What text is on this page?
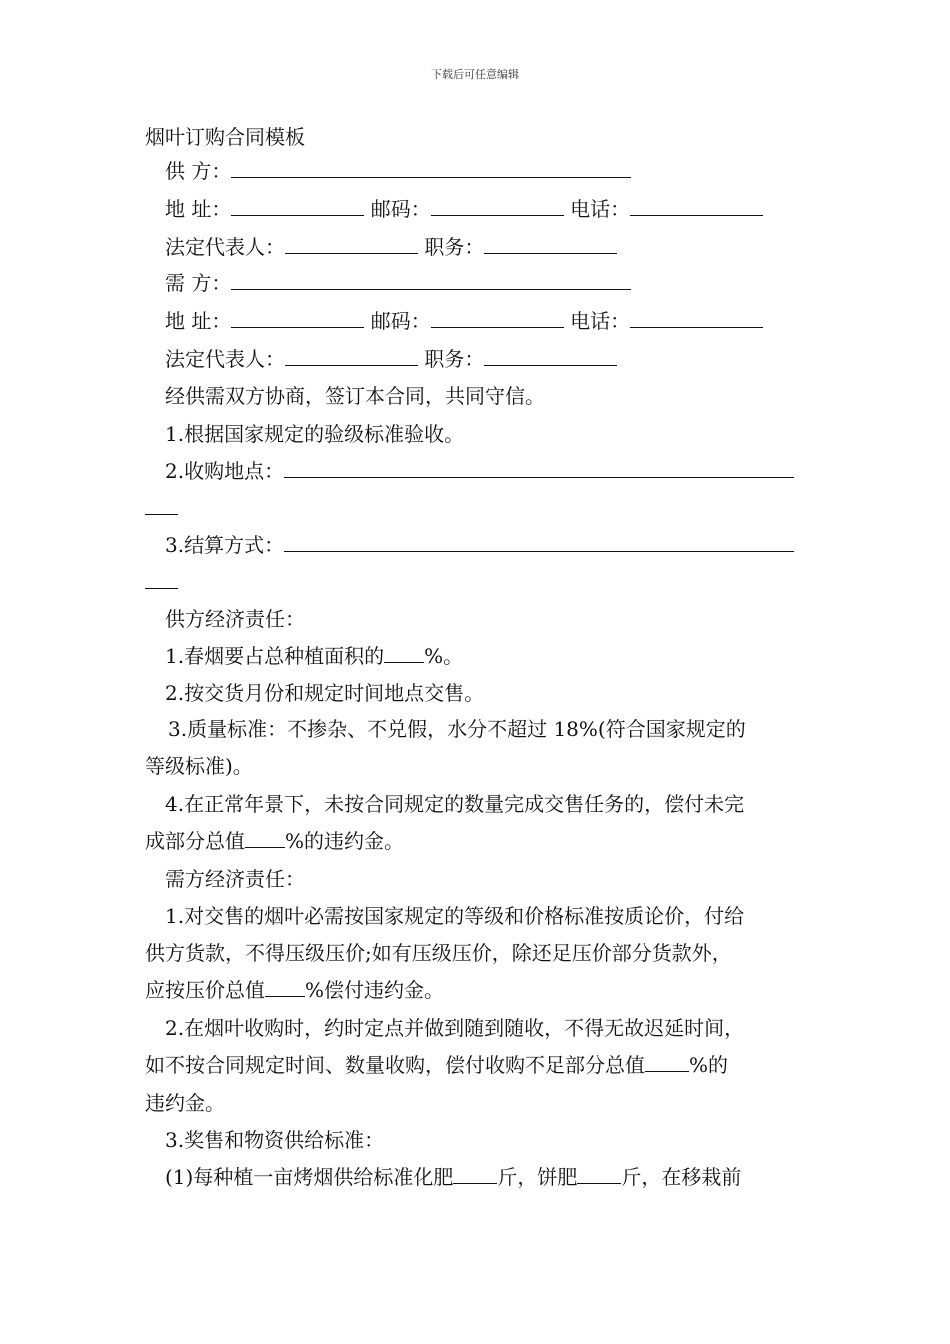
下载后可任意编辑
烟叶订购合同模板
供 方：
地 址：	邮码：	电话：
法定代表人：	职务：
需 方：
地 址：	邮码：	电话：
法定代表人：	职务：
经供需双方协商，签订本合同，共同守信。
1.根据国家规定的验级标准验收。
2.收购地点：
3.结算方式：
供方经济责任：
1.春烟要占总种植面积的 %。
2.按交货月份和规定时间地点交售。
3.质量标准：不掺杂、不兑假，水分不超过 18%(符合国家规定的
等级标准)。
4.在正常年景下，未按合同规定的数量完成交售任务的，偿付未完
成部分总值 %的违约金。
需方经济责任：
1.对交售的烟叶必需按国家规定的等级和价格标准按质论价，付给
供方货款，不得压级压价;如有压级压价，除还足压价部分货款外，
应按压价总值 %偿付违约金。
2.在烟叶收购时，约时定点并做到随到随收，不得无故迟延时间，
如不按合同规定时间、数量收购，偿付收购不足部分总值 %的
违约金。
3.奖售和物资供给标准：
(1)每种植一亩烤烟供给标准化肥 斤，饼肥 斤，在移栽前
